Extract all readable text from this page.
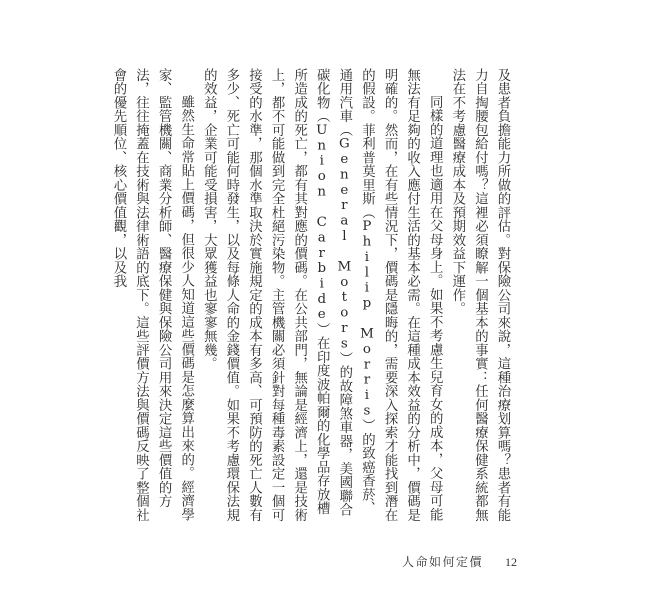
及患者負擔能力所做的評估。對保險公司來說，這種治療划算嗎？患者有能力自掏腰包給付嗎？這裡必須瞭解一個基本的事實：任何醫療保健系統都無法在不考慮醫療成本及預期效益下運作。

同樣的道理也適用在父母身上。如果不考慮生兒育女的成本，父母可能無法有足夠的收入應付生活的基本必需。在這種成本效益的分析中，價碼是明確的。然而，在有些情況下，價碼是隱晦的，需要深入探索才能找到潛在的假設。菲利普莫里斯（Philip Morris）的致癌香菸、通用汽車（General Motors）的故障煞車器，美國聯合碳化物（Union Carbide）在印度波帕爾的化學品存放槽所造成的死亡，都有其對應的價碼。在公共部門，無論是經濟上，還是技術上，都不可能做到完全杜絕污染物。主管機關必須針對每種毒素設定一個可接受的水準，那個水準取決於實施規定的成本有多高、可預防的死亡人數有多少、死亡可能何時發生，以及每條人命的金錢價值。如果不考慮環保法規的效益，企業可能受損害，大眾獲益也寥寥無幾。

雖然生命常貼上價碼，但很少人知道這些價碼是怎麼算出來的。經濟學家、監管機關、商業分析師、醫療保健與保險公司用來決定這些價值的方法，往往掩蓋在技術與法律術語的底下。這些評價方法與價碼反映了整個社會的優先順位、核心價值觀，以及我

人命如何定價 12
